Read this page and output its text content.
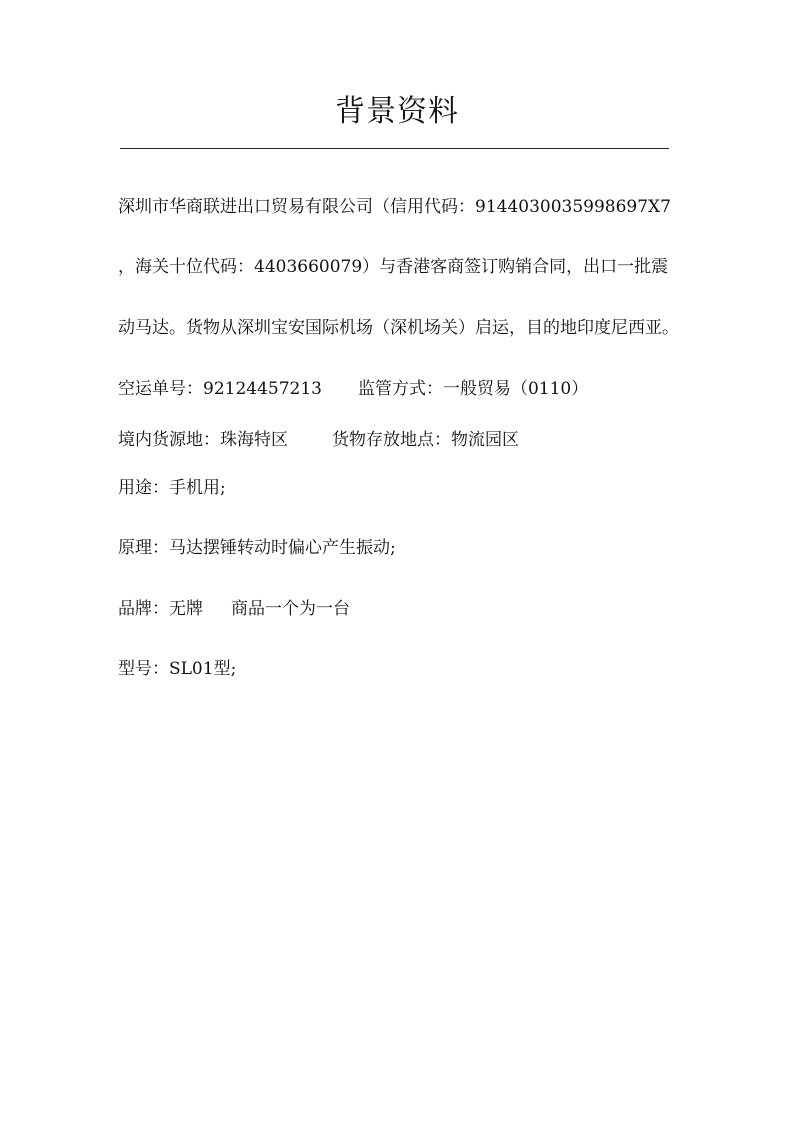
背景资料
深圳市华商联进出口贸易有限公司（信用代码：9144030035998697X7
，海关十位代码：4403660079）与香港客商签订购销合同，出口一批震
动马达。货物从深圳宝安国际机场（深机场关）启运，目的地印度尼西亚。
空运单号：92124457213 监管方式：一般贸易（0110）
境内货源地：珠海特区	货物存放地点：物流园区
用途：手机用;
原理：马达摆锤转动时偏心产生振动;
品牌：无牌 商品一个为一台
型号：SL01型;
